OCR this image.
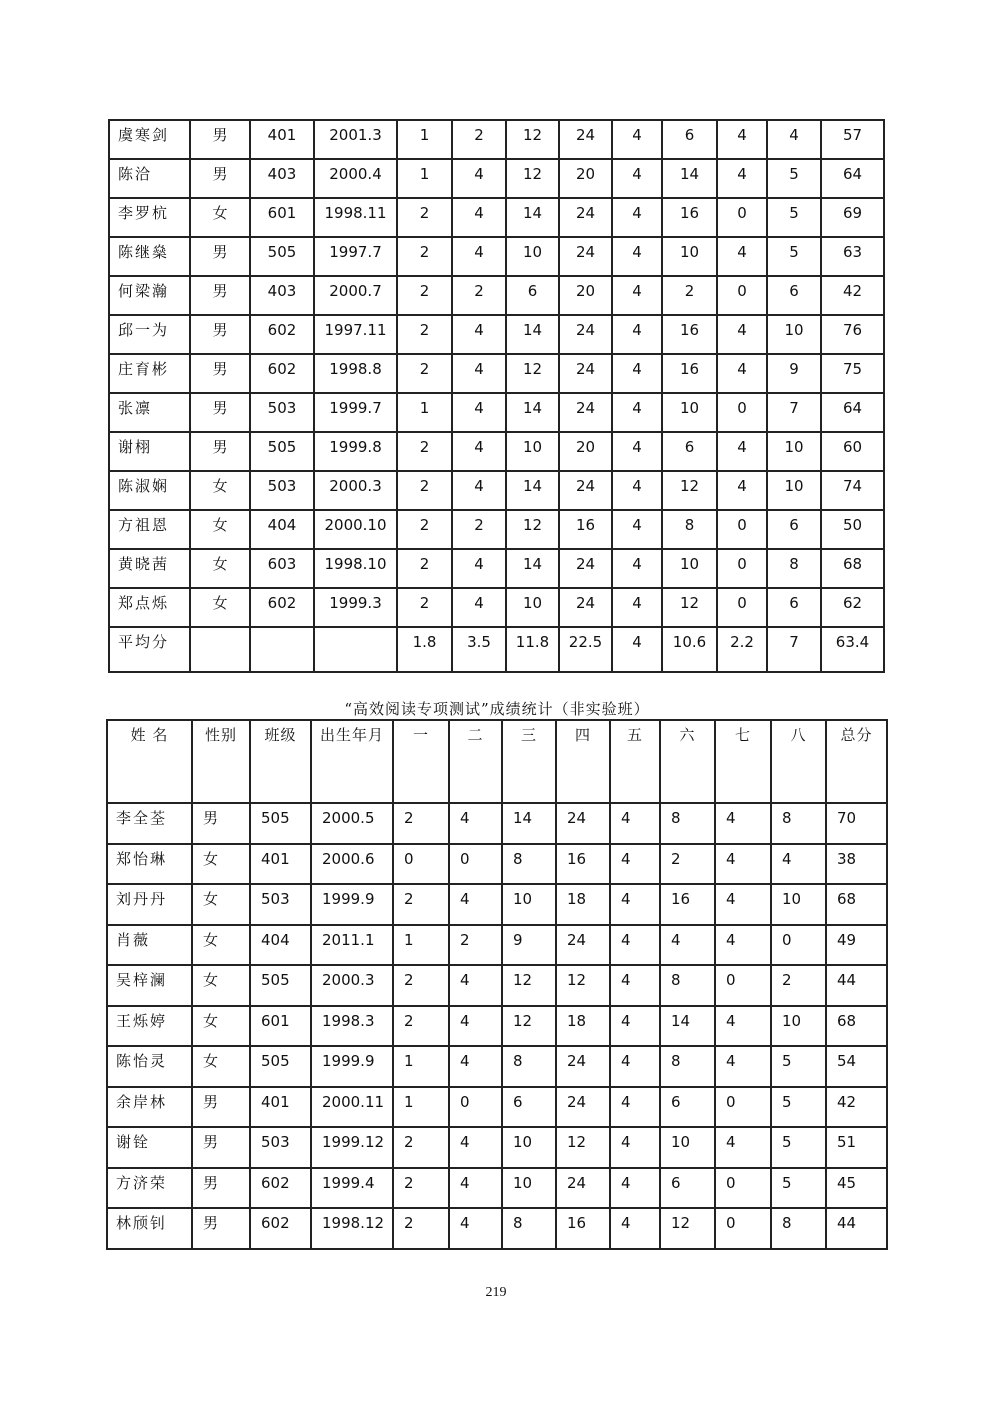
虞寒剑	男	401	2001.3	1	2	12	24	4	6	4	4	57
陈洽	男	403	2000.4	1	4	12	20	4	14	4	5	64
李罗杭	女	601	1998.11	2	4	14	24	4	16	0	5	69
陈继燊	男	505	1997.7	2	4	10	24	4	10	4	5	63
何梁瀚	男	403	2000.7	2	2	6	20	4	2	0	6	42
邱一为	男	602	1997.11	2	4	14	24	4	16	4	10	76
庄育彬	男	602	1998.8	2	4	12	24	4	16	4	9	75
张凛	男	503	1999.7	1	4	14	24	4	10	0	7	64
谢栩	男	505	1999.8	2	4	10	20	4	6	4	10	60
陈淑娴	女	503	2000.3	2	4	14	24	4	12	4	10	74
方祖恩	女	404	2000.10	2	2	12	16	4	8	0	6	50
黄晓茜	女	603	1998.10	2	4	14	24	4	10	0	8	68
郑点烁	女	602	1999.3	2	4	10	24	4	12	0	6	62
平均分				1.8	3.5	11.8	22.5	4	10.6	2.2	7	63.4
“高效阅读专项测试”成绩统计（非实验班）
姓 名	性别	班级	出生年月	一	二	三	四	五	六	七	八	总分
李全荃	男	505	2000.5	2	4	14	24	4	8	4	8	70
郑怡琳	女	401	2000.6	0	0	8	16	4	2	4	4	38
刘丹丹	女	503	1999.9	2	4	10	18	4	16	4	10	68
肖薇	女	404	2011.1	1	2	9	24	4	4	4	0	49
吴梓澜	女	505	2000.3	2	4	12	12	4	8	0	2	44
王烁婷	女	601	1998.3	2	4	12	18	4	14	4	10	68
陈怡灵	女	505	1999.9	1	4	8	24	4	8	4	5	54
余岸林	男	401	2000.11	1	0	6	24	4	6	0	5	42
谢铨	男	503	1999.12	2	4	10	12	4	10	4	5	51
方济荣	男	602	1999.4	2	4	10	24	4	6	0	5	45
林颀钊	男	602	1998.12	2	4	8	16	4	12	0	8	44
219
